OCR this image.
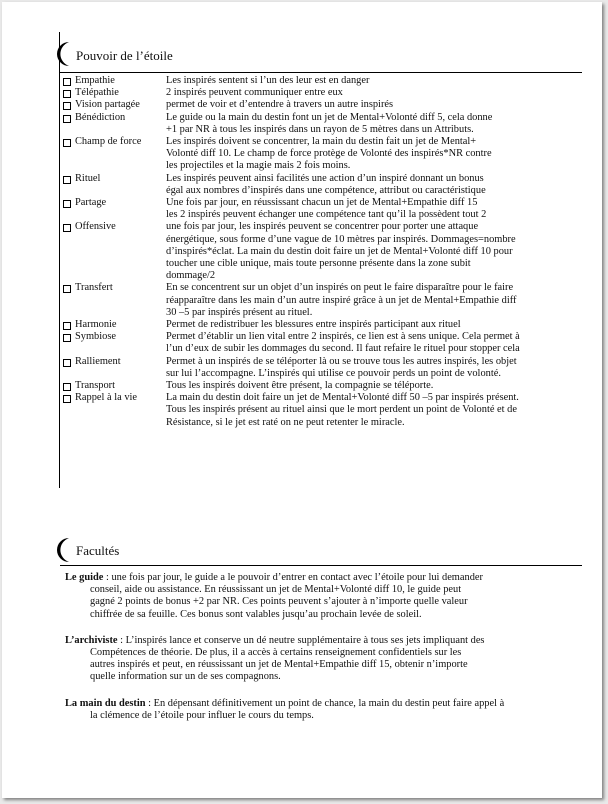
Pouvoir de l’étoile
Empathie	Les inspirés sentent si l’un des leur est en danger
Télépathie	2 inspirés peuvent communiquer entre eux
Vision partagée	permet de voir et d’entendre à travers un autre inspirés
Bénédiction	Le guide ou la main du destin font un jet de Mental+Volonté diff 5, cela donne
+1 par NR à tous les inspirés dans un rayon de 5 mètres dans un Attributs.
Champ de force	Les inspirés doivent se concentrer, la main du destin fait un jet de Mental+
Volonté diff 10. Le champ de force protège de Volonté des inspirés*NR contre
les projectiles et la magie mais 2 fois moins.
Rituel	Les inspirés peuvent ainsi facilités une action d’un inspiré donnant un bonus
égal aux nombres d’inspirés dans une compétence, attribut ou caractéristique
Partage	Une fois par jour, en réussissant chacun un jet de Mental+Empathie diff 15
les 2 inspirés peuvent échanger une compétence tant qu’il la possèdent tout 2
Offensive	une fois par jour, les inspirés peuvent se concentrer pour porter une attaque
énergétique, sous forme d’une vague de 10 mètres par inspirés. Dommages=nombre
d’inspirés*éclat. La main du destin doit faire un jet de Mental+Volonté diff 10 pour
toucher une cible unique, mais toute personne présente dans la zone subit
dommage/2
Transfert	En se concentrent sur un objet d’un inspirés on peut le faire disparaître pour le faire
réapparaître dans les main d’un autre inspiré grâce à un jet de Mental+Empathie diff
30 –5 par inspirés présent au rituel.
Harmonie	Permet de redistribuer les blessures entre inspirés participant aux rituel
Symbiose	Permet d’établir un lien vital entre 2 inspirés, ce lien est à sens unique. Cela permet à
l’un d’eux de subir les dommages du second. Il faut refaire le rituel pour stopper cela
Ralliement	Permet à un inspirés de se téléporter là ou se trouve tous les autres inspirés, les objet
sur lui l’accompagne. L’inspirés qui utilise ce pouvoir perds un point de volonté.
Transport	Tous les inspirés doivent être présent, la compagnie se téléporte.
Rappel à la vie	La main du destin doit faire un jet de Mental+Volonté diff 50 –5 par inspirés présent.
Tous les inspirés présent au rituel ainsi que le mort perdent un point de Volonté et de
Résistance, si le jet est raté on ne peut retenter le miracle.
Facultés
Le guide : une fois par jour, le guide a le pouvoir d’entrer en contact avec l’étoile pour lui demander
conseil, aide ou assistance. En réussissant un jet de Mental+Volonté diff 10, le guide peut
gagné 2 points de bonus +2 par NR. Ces points peuvent s’ajouter à n’importe quelle valeur
chiffrée de sa feuille. Ces bonus sont valables jusqu’au prochain levée de soleil.
L’archiviste : L’inspirés lance et conserve un dé neutre supplémentaire à tous ses jets impliquant des
Compétences de théorie. De plus, il a accès à certains renseignement confidentiels sur les
autres inspirés et peut, en réussissant un jet de Mental+Empathie diff 15, obtenir n’importe
quelle information sur un de ses compagnons.
La main du destin : En dépensant définitivement un point de chance, la main du destin peut faire appel à
la clémence de l’étoile pour influer le cours du temps.
